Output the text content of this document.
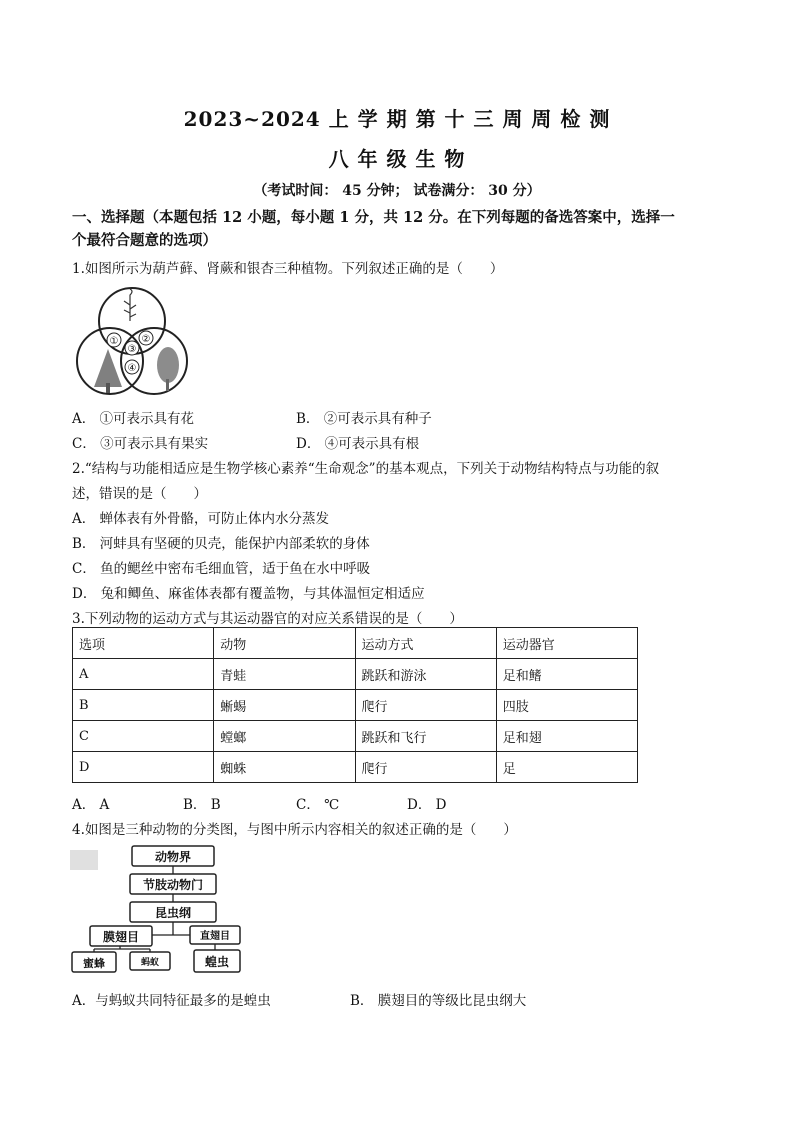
2023~2024 上 学 期 第 十 三 周 周 检 测
八 年 级 生 物
（考试时间： 45 分钟； 试卷满分： 30 分）
一、选择题（本题包括 12 小题，每小题 1 分，共 12 分。在下列每题的备选答案中，选择一
个最符合题意的选项）
1.如图所示为葫芦藓、肾蕨和银杏三种植物。下列叙述正确的是（　　）
① ②
③
④
A． ①可表示具有花	B． ②可表示具有种子
C． ③可表示具有果实	D． ④可表示具有根
2.“结构与功能相适应是生物学核心素养“生命观念”的基本观点，下列关于动物结构特点与功能的叙
述，错误的是（　　）
A． 蝉体表有外骨骼，可防止体内水分蒸发
B． 河蚌具有坚硬的贝壳，能保护内部柔软的身体
C． 鱼的鳃丝中密布毛细血管，适于鱼在水中呼吸
D． 兔和鲫鱼、麻雀体表都有覆盖物，与其体温恒定相适应
3.下列动物的运动方式与其运动器官的对应关系错误的是（　　）
选项	动物	运动方式	运动器官
A	青蛙	跳跃和游泳	足和鳍
B	蜥蜴	爬行	四肢
C	螳螂	跳跃和飞行	足和翅
D	蜘蛛	爬行	足
A． A	B． B	C． ℃	D． D
4.如图是三种动物的分类图，与图中所示内容相关的叙述正确的是（　　）
动物界
节肢动物门
昆虫纲
膜翅目	直翅目
蜜蜂	蚂蚁	蝗虫
A．与蚂蚁共同特征最多的是蝗虫	B． 膜翅目的等级比昆虫纲大
